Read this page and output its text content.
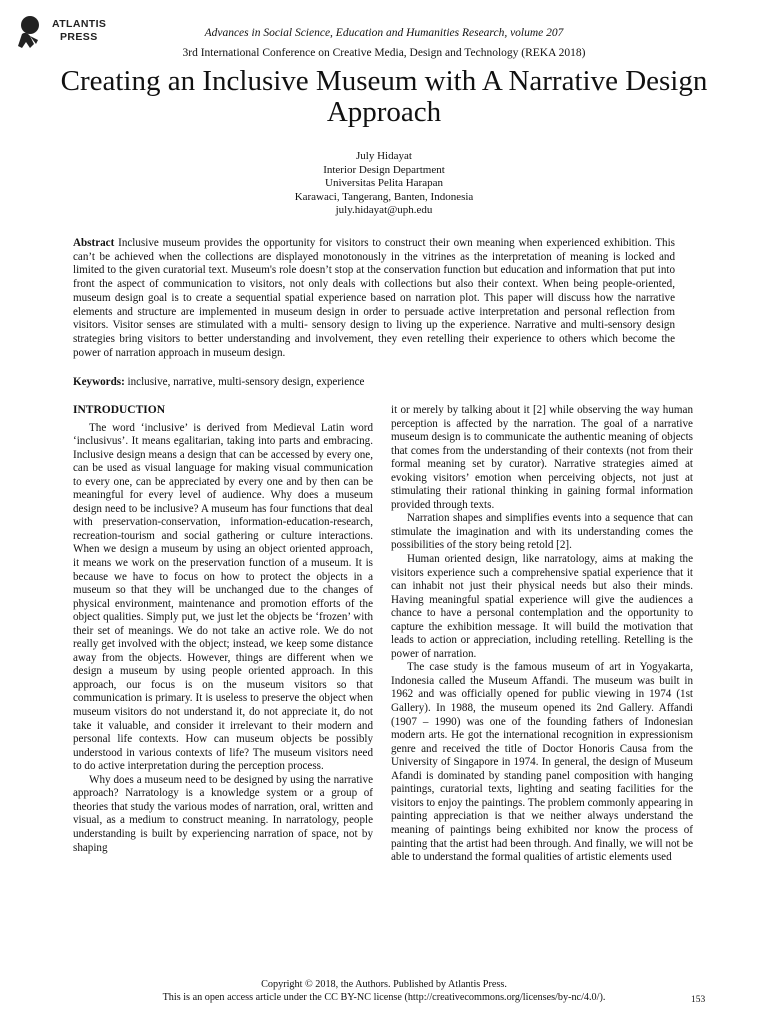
ATLANTIS
PRESS	Advances in Social Science, Education and Humanities Research, volume 207
3rd International Conference on Creative Media, Design and Technology (REKA 2018)
Creating an Inclusive Museum with A Narrative Design Approach
July Hidayat
Interior Design Department
Universitas Pelita Harapan
Karawaci, Tangerang, Banten, Indonesia
july.hidayat@uph.edu
Abstract Inclusive museum provides the opportunity for visitors to construct their own meaning when experienced exhibition. This can’t be achieved when the collections are displayed monotonously in the vitrines as the interpretation of meaning is locked and limited to the given curatorial text. Museum's role doesn’t stop at the conservation function but education and information that put into front the aspect of communication to visitors, not only deals with collections but also their context. When being people-oriented, museum design goal is to create a sequential spatial experience based on narration plot. This paper will discuss how the narrative elements and structure are implemented in museum design in order to persuade active interpretation and personal reflection from visitors. Visitor senses are stimulated with a multi- sensory design to living up the experience. Narrative and multi-sensory design strategies bring visitors to better understanding and involvement, they even retelling their experience to others which become the power of narration approach in museum design.
Keywords: inclusive, narrative, multi-sensory design, experience
INTRODUCTION

The word ‘inclusive’ is derived from Medieval Latin word ‘inclusivus’. It means egalitarian, taking into parts and embracing. Inclusive design means a design that can be accessed by every one, can be used as visual language for making visual communication to every one, can be appreciated by every one and by then can be meaningful for every level of audience. Why does a museum design need to be inclusive? A museum has four functions that deal with preservation-conservation, information-education-research, recreation-tourism and social gathering or culture interactions. When we design a museum by using an object oriented approach, it means we work on the preservation function of a museum. It is because we have to focus on how to protect the objects in a museum so that they will be unchanged due to the changes of physical environment, maintenance and promotion efforts of the object qualities. Simply put, we just let the objects be ‘frozen’ with their set of meanings. We do not take an active role. We do not really get involved with the object; instead, we keep some distance away from the objects. However, things are different when we design a museum by using people oriented approach. In this approach, our focus is on the museum visitors so that communication is primary. It is useless to preserve the object when museum visitors do not understand it, do not appreciate it, do not take it valuable, and consider it irrelevant to their modern and personal life contexts. How can museum objects be possibly understood in various contexts of life? The museum visitors need to do active interpretation during the perception process.

Why does a museum need to be designed by using the narrative approach? Narratology is a knowledge system or a group of theories that study the various modes of narration, oral, written and visual, as a medium to construct meaning. In narratology, people understanding is built by experiencing narration of space, not by shaping

it or merely by talking about it [2] while observing the way human perception is affected by the narration. The goal of a narrative museum design is to communicate the authentic meaning of objects that comes from the understanding of their contexts (not from their formal meaning set by curator). Narrative strategies aimed at evoking visitors’ emotion when perceiving objects, not just at stimulating their rational thinking in gaining formal information provided through texts.

Narration shapes and simplifies events into a sequence that can stimulate the imagination and with its understanding comes the possibilities of the story being retold [2].

Human oriented design, like narratology, aims at making the visitors experience such a comprehensive spatial experience that it can inhabit not just their physical needs but also their minds. Having meaningful spatial experience will give the audiences a chance to have a personal contemplation and the opportunity to capture the exhibition message. It will build the motivation that leads to action or appreciation, including retelling. Retelling is the power of narration.

The case study is the famous museum of art in Yogyakarta, Indonesia called the Museum Affandi. The museum was built in 1962 and was officially opened for public viewing in 1974 (1st Gallery). In 1988, the museum opened its 2nd Gallery. Affandi (1907 – 1990) was one of the founding fathers of Indonesian modern arts. He got the international recognition in expressionism genre and received the title of Doctor Honoris Causa from the University of Singapore in 1974. In general, the design of Museum Afandi is dominated by standing panel composition with hanging paintings, curatorial texts, lighting and seating facilities for the visitors to enjoy the paintings. The problem commonly appearing in painting appreciation is that we neither always understand the meaning of paintings being exhibited nor know the process of painting that the artist had been through. And finally, we will not be able to understand the formal qualities of artistic elements used

Copyright © 2018, the Authors. Published by Atlantis Press.
This is an open access article under the CC BY-NC license (http://creativecommons.org/licenses/by-nc/4.0/).	153
